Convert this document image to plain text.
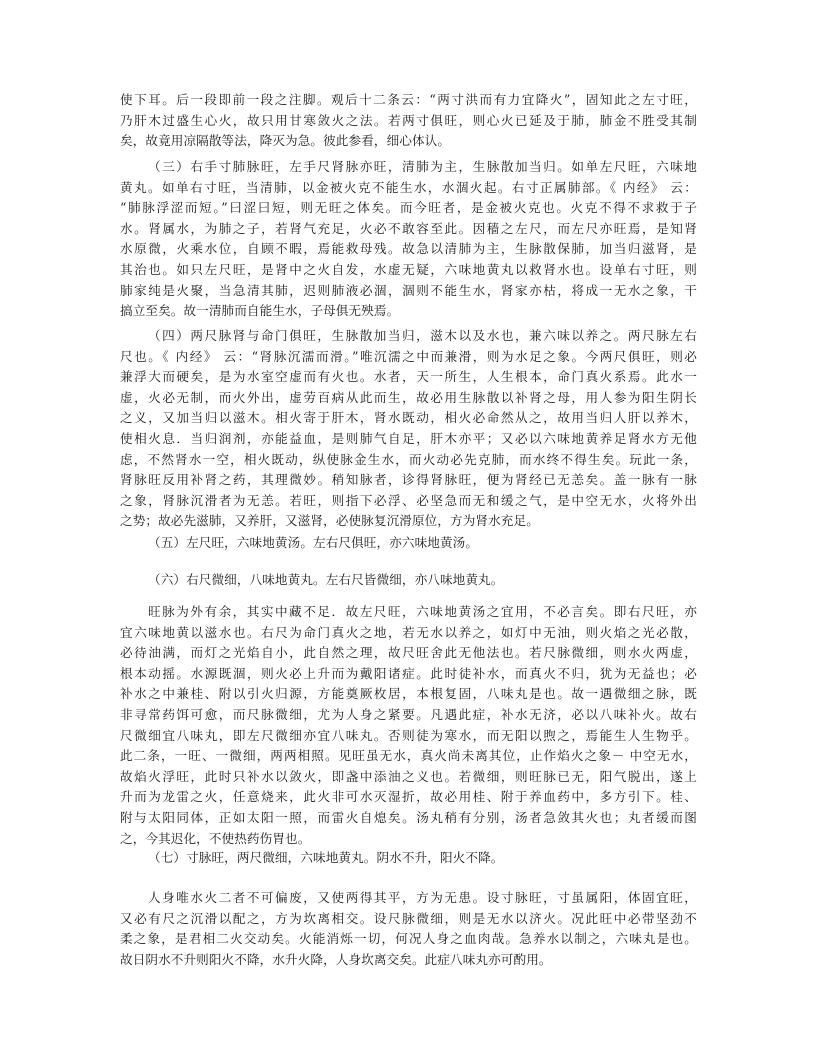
使下耳。后一段即前一段之注脚。观后十二条云：“两寸洪而有力宜降火”，固知此之左寸旺，
乃肝木过盛生心火，故只用甘寒敛火之法。若两寸俱旺，则心火已延及于肺，肺金不胜受其制
矣，故竟用凉隔散等法，降灭为急。彼此参看，细心体认。
（三）右手寸肺脉旺，左手尺肾脉亦旺，清肺为主，生脉散加当归。如单左尺旺，六味地
黄丸。如单右寸旺，当清肺，以金被火克不能生水，水涸火起。右寸正属肺部。《 内经》 云：
“肺脉浮涩而短。”曰涩曰短，则无旺之体矣。而今旺者，是金被火克也。火克不得不求救于子
水。肾属水，为肺之子，若肾气充足，火必不敢容至此。因穑之左尺，而左尺亦旺焉，是知肾
水原微，火乘水位，自顾不暇，焉能救母残。故急以清肺为主，生脉散保肺，加当归滋肾，是
其治也。如只左尺旺，是肾中之火自发，水虚无疑，六味地黄丸以救肾水也。设单右寸旺，则
肺家纯是火聚，当急清其肺，迟则肺液必涸，涸则不能生水，肾家亦枯，将成一无水之象，干
搞立至矣。故一清肺而自能生水，子母俱无殃焉。
（四）两尺脉肾与命门俱旺，生脉散加当归，滋木以及水也，兼六味以养之。两尺脉左右
尺也。《 内经》 云：“肾脉沉濡而滑。”唯沉濡之中而兼滑，则为水足之象。今两尺俱旺，则必
兼浮大而硬矣，是为水室空虚而有火也。水者，天一所生，人生根本，命门真火系焉。此水一
虚，火必无制，而火外出，虚劳百病从此而生，故必用生脉散以补肾之母，用人参为阳生阴长
之义，又加当归以滋木。相火寄于肝木，肾水既动，相火必命然从之，故用当归人肝以养木，
使相火息．当归润剂，亦能益血，是则肺气自足，肝木亦平；又必以六味地黄养足肾水方无他
虑，不然肾水一空，相火既动，纵使脉金生水，而火动必先克肺，而水终不得生矣。玩此一条，
肾脉旺反用补肾之药，其理微妙。稍知脉者，诊得肾脉旺，便为肾经已无恙矣。盖一脉有一脉
之象，肾脉沉滑者为无恙。若旺，则指下必浮、必坚急而无和缓之气，是中空无水，火将外出
之势；故必先滋肺，又养肝，又滋肾，必使脉复沉滑原位，方为肾水充足。
（五）左尺旺，六味地黄汤。左右尺俱旺，亦六味地黄汤。
（六）右尺微细，八味地黄丸。左右尺皆微细，亦八味地黄丸。
旺脉为外有余，其实中藏不足．故左尺旺，六味地黄汤之宜用，不必言矣。即右尺旺，亦
宜六味地黄以滋水也。右尺为命门真火之地，若无水以养之，如灯中无油，则火焰之光必散，
必待油满，而灯之光焰自小，此自然之理，故尺旺舍此无他法也。若尺脉微细，则水火两虚，
根本动摇。水源既涸，则火必上升而为戴阳诸症。此时徒补水，而真火不归，犹为无益也；必
补水之中兼桂、附以引火归源，方能奠厥枚居，本根复固，八味丸是也。故一遇微细之脉，既
非寻常药饵可愈，而尺脉微细，尤为人身之紧要。凡遇此症，补水无济，必以八味补火。故右
尺微细宜八味丸，即左尺微细亦宜八味丸。否则徒为寒水，而无阳以煦之，焉能生人生物乎。
此二条，一旺、一微细，两两相照。见旺虽无水，真火尚未离其位，止作焰火之象－ 中空无水，
故焰火浮旺，此时只补水以敛火，即盏中添油之义也。若微细，则旺脉已无，阳气脱出，遂上
升而为龙雷之火，任意烧来，此火非可水灭湿折，故必用桂、附于养血药中，多方引下。桂、
附与太阳同体，正如太阳一照，而雷火自熄矣。汤丸稍有分别，汤者急敛其火也；丸者缓而图
之，今其迟化，不使热药伤胃也。
（七）寸脉旺，两尺微细，六味地黄丸。阴水不升，阳火不降。
人身唯水火二者不可偏废，又使两得其平，方为无患。设寸脉旺，寸虽属阳，体固宜旺，
又必有尺之沉滑以配之，方为坎离相交。设尺脉微细，则是无水以济火。况此旺中必带坚劲不
柔之象，是君相二火交动矣。火能消烁一切，何况人身之血肉哉。急养水以制之，六味丸是也。
故日阴水不升则阳火不降，水升火降，人身坎离交矣。此症八味丸亦可酌用。
